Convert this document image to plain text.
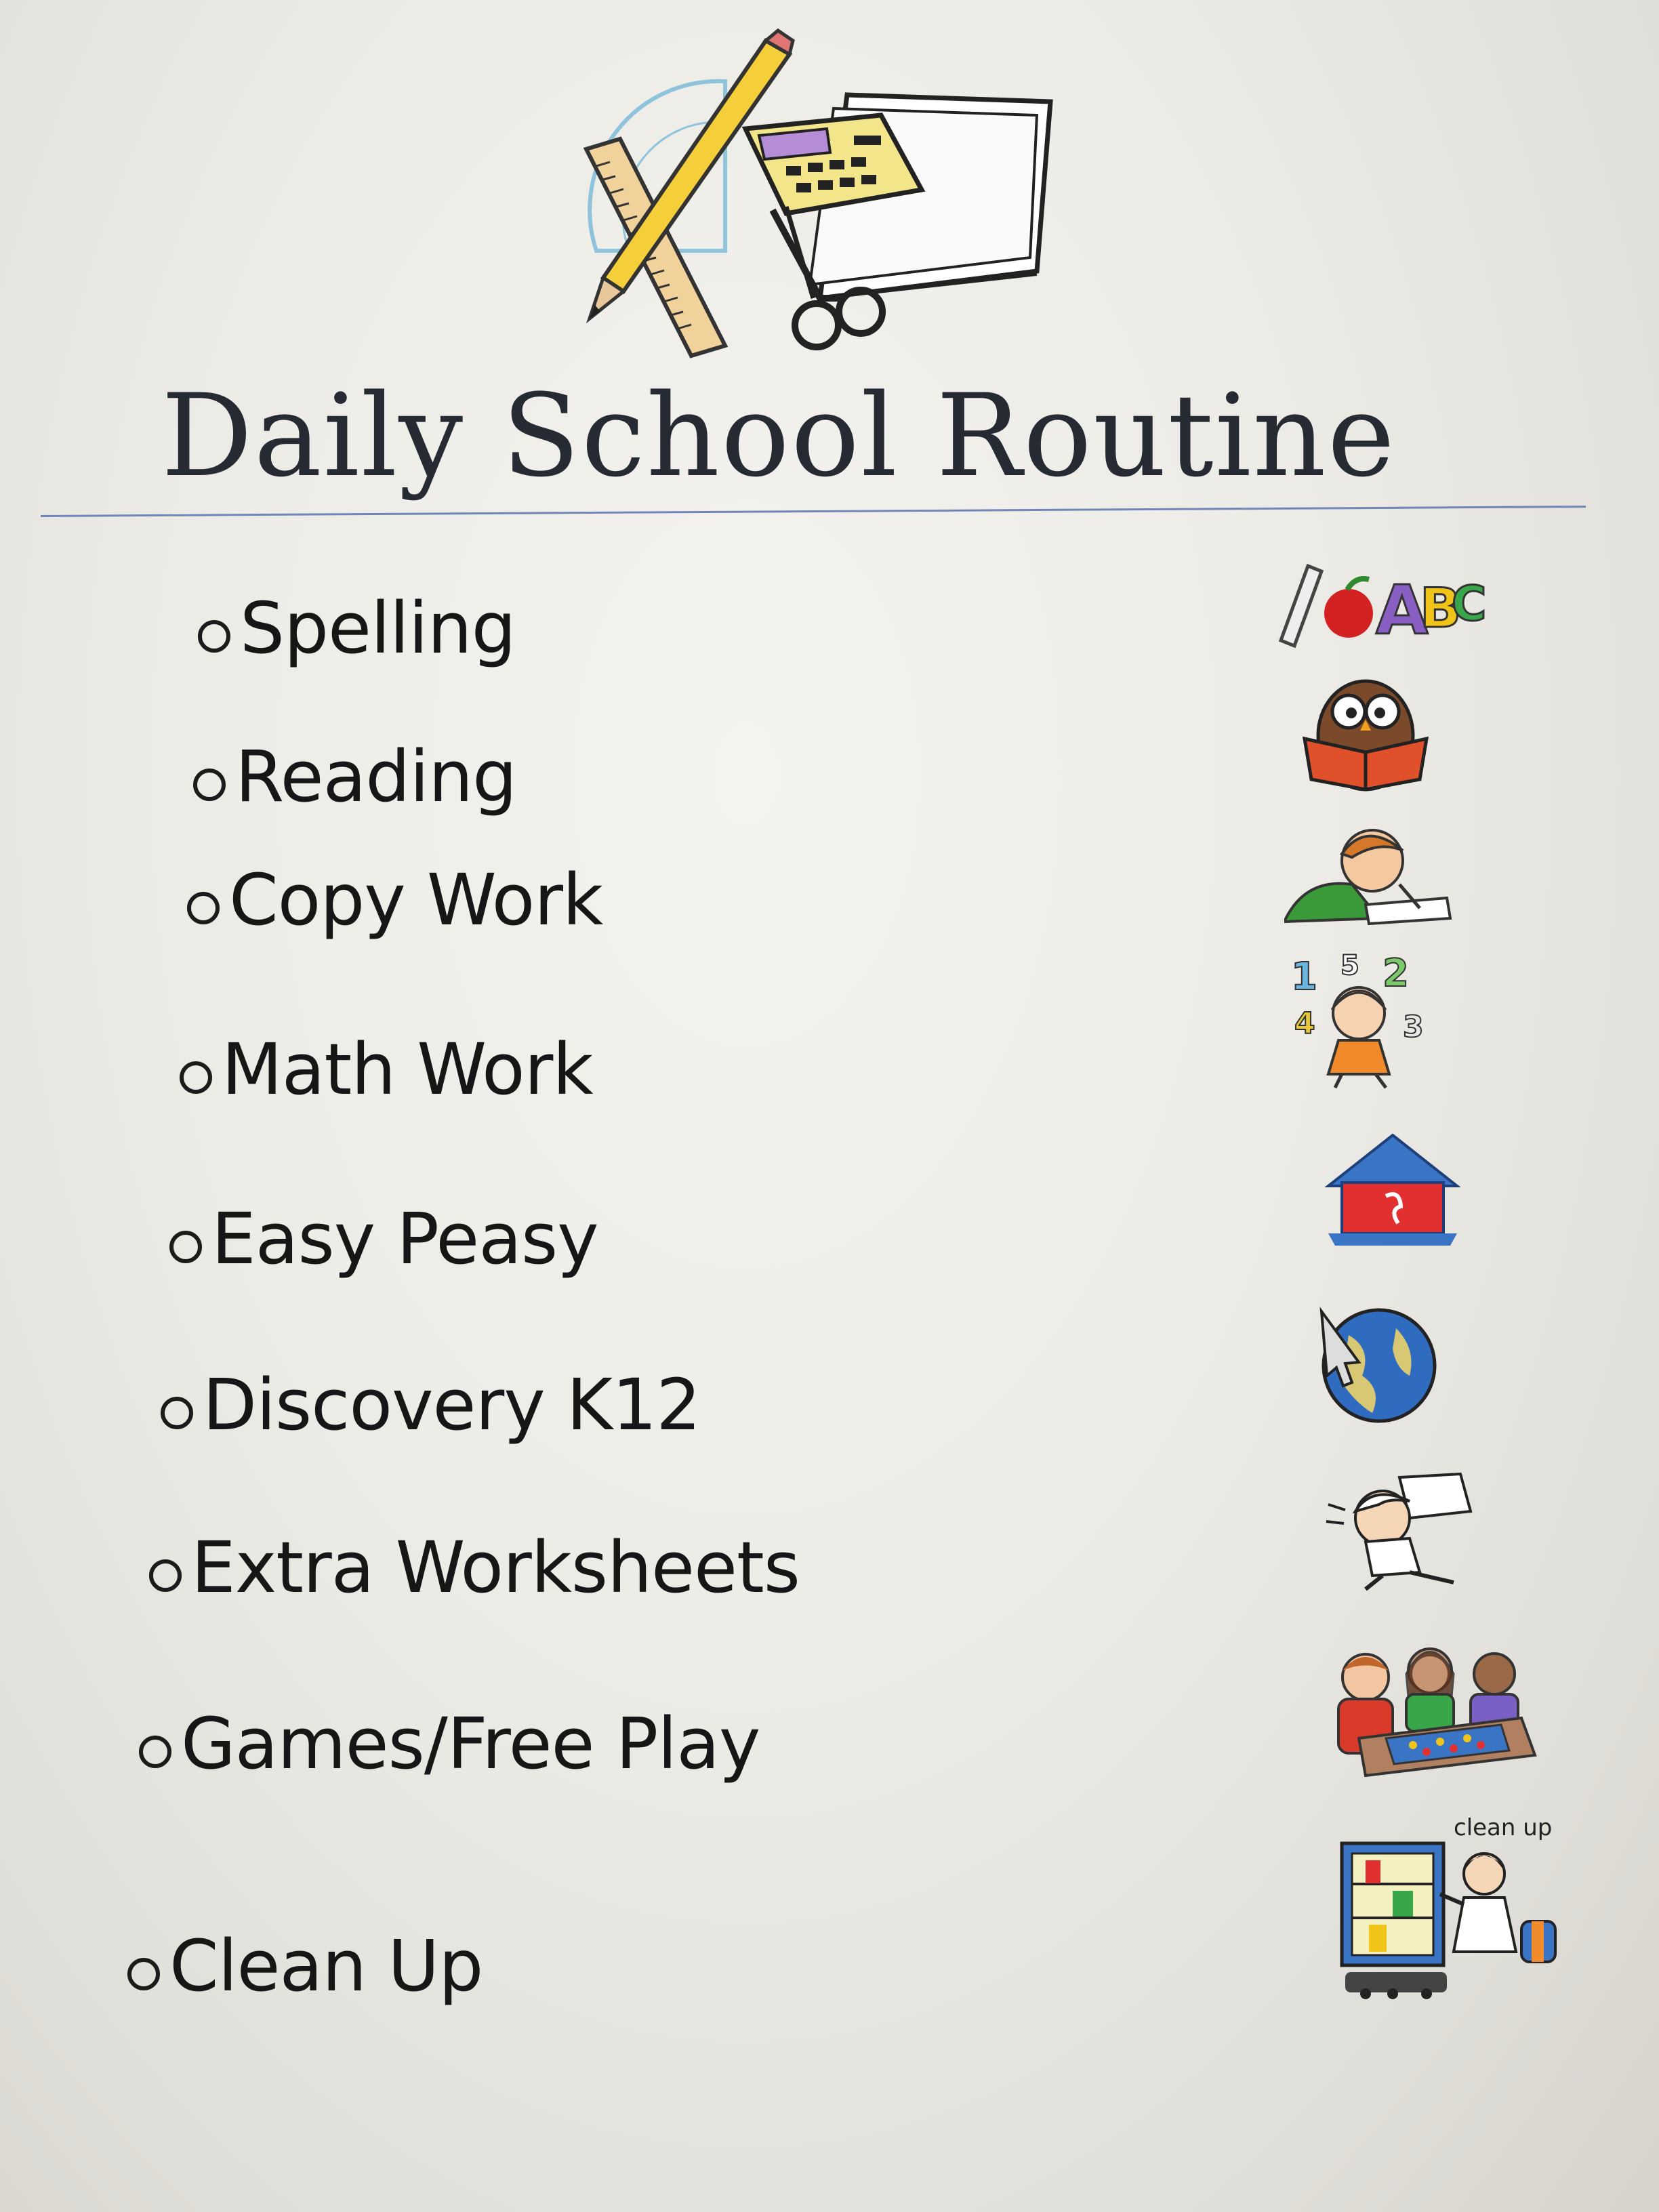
Daily School Routine
Spelling
Reading
Copy Work
Math Work
Easy Peasy
Discovery K12
Extra Worksheets
Games/Free Play
Clean Up
A
B
C
1 5 2
4	3
clean up
